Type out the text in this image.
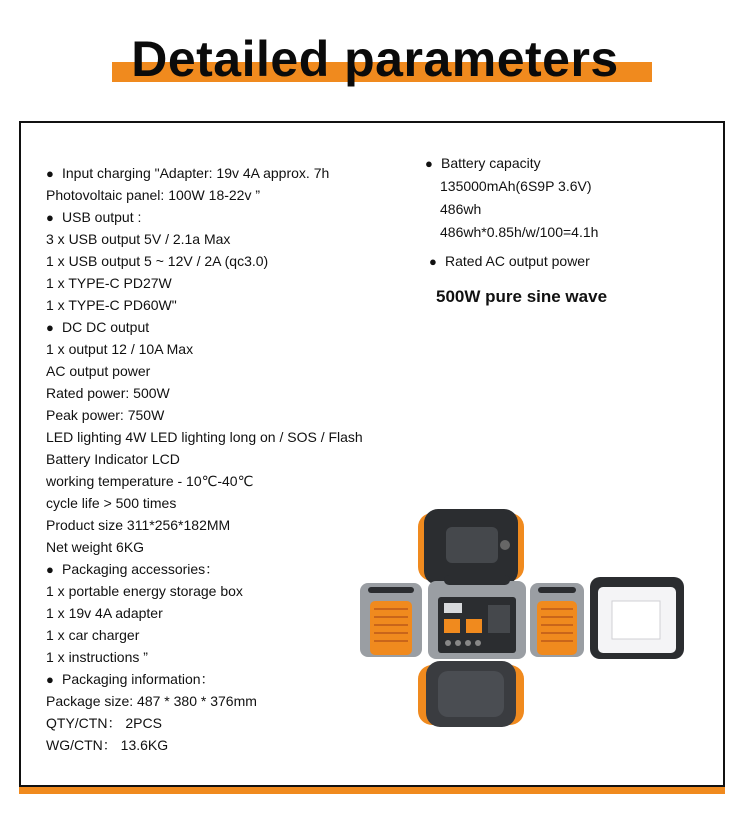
Detailed parameters
● Input charging "Adapter: 19v 4A approx. 7h
Photovoltaic panel: 100W 18-22v ”
● USB output :
3 x USB output 5V / 2.1a Max
1 x USB output 5 ~ 12V / 2A (qc3.0)
1 x TYPE-C PD27W
1 x TYPE-C PD60W"
● DC DC output
1 x output 12 / 10A Max
AC output power
Rated power: 500W
Peak power: 750W
LED lighting 4W LED lighting long on / SOS / Flash
Battery Indicator LCD
working temperature - 10℃-40℃
cycle life > 500 times
Product size 311*256*182MM
Net weight 6KG
● Packaging accessories：
1 x portable energy storage box
1 x 19v 4A adapter
1 x car charger
1 x instructions ”
● Packaging information：
Package size: 487 * 380 * 376mm
QTY/CTN： 2PCS
WG/CTN： 13.6KG
● Battery capacity
135000mAh(6S9P 3.6V)
486wh
486wh*0.85h/w/100=4.1h
● Rated AC output power
500W pure sine wave
